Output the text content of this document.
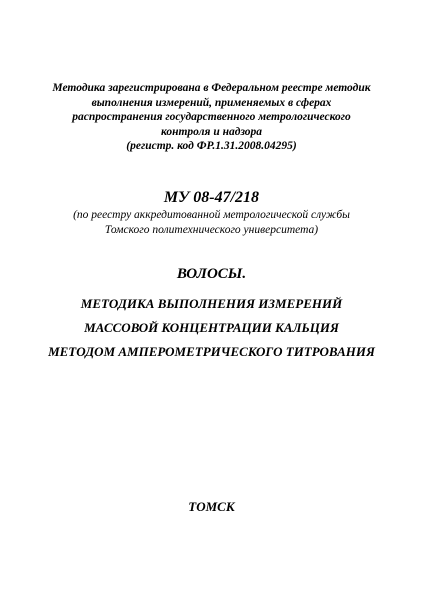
Методика зарегистрирована в Федеральном реестре методик
выполнения измерений, применяемых в сферах
распространения государственного метрологического
контроля и надзора
(регистр. код ФР.1.31.2008.04295)
МУ 08-47/218
(по реестру аккредитованной метрологической службы
Томского политехнического университета)
ВОЛОСЫ.
МЕТОДИКА ВЫПОЛНЕНИЯ ИЗМЕРЕНИЙ
МАССОВОЙ КОНЦЕНТРАЦИИ КАЛЬЦИЯ
МЕТОДОМ АМПЕРОМЕТРИЧЕСКОГО ТИТРОВАНИЯ
ТОМСК
